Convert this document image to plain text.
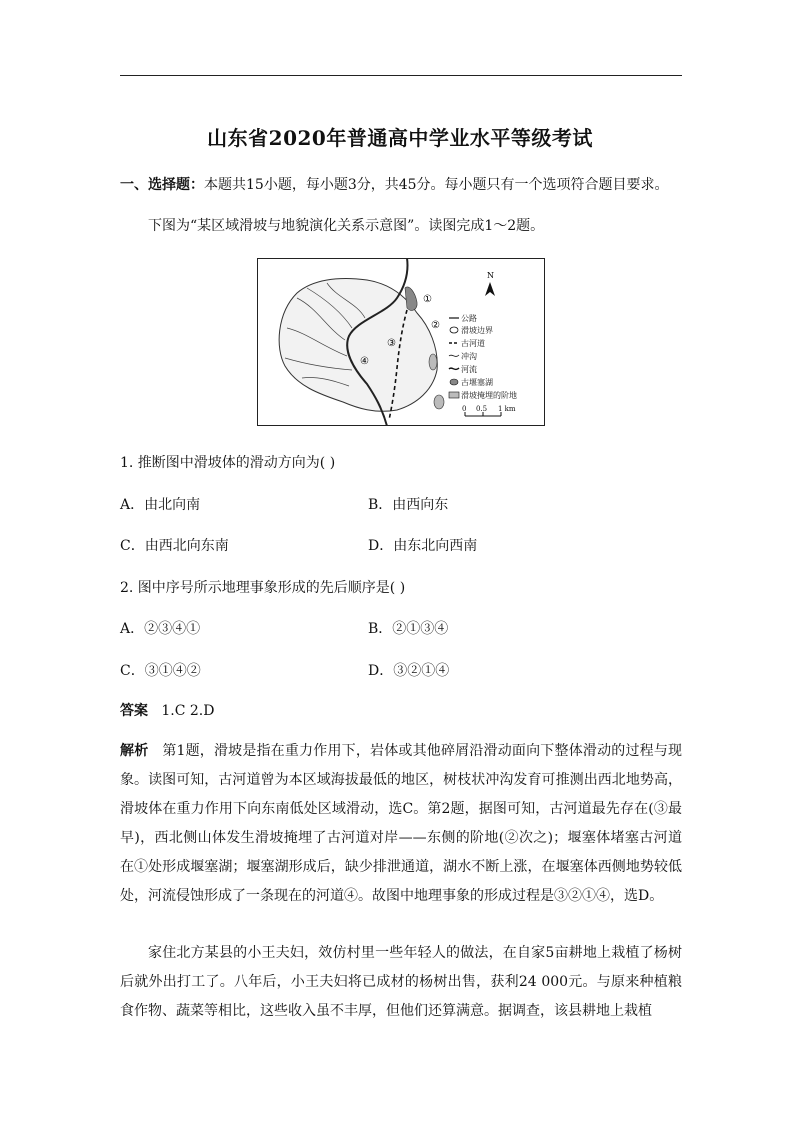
山东省2020年普通高中学业水平等级考试
一、选择题：本题共15小题，每小题3分，共45分。每小题只有一个选项符合题目要求。
下图为“某区域滑坡与地貌演化关系示意图”。读图完成1～2题。
①
②
③
④
N
公路
滑坡边界
古河道
冲沟
河流
古堰塞湖
滑坡掩埋的阶地
0 0.5 1 km
1. 推断图中滑坡体的滑动方向为( )
A．由北向南	B．由西向东
C．由西北向东南	D．由东北向西南
2. 图中序号所示地理事象形成的先后顺序是( )
A．②③④①	B．②①③④
C．③①④②	D．③②①④
答案 1.C 2.D
解析 第1题，滑坡是指在重力作用下，岩体或其他碎屑沿滑动面向下整体滑动的过程与现象。读图可知，古河道曾为本区域海拔最低的地区，树枝状冲沟发育可推测出西北地势高，滑坡体在重力作用下向东南低处区域滑动，选C。第2题，据图可知，古河道最先存在(③最早)，西北侧山体发生滑坡掩埋了古河道对岸——东侧的阶地(②次之)；堰塞体堵塞古河道在①处形成堰塞湖；堰塞湖形成后，缺少排泄通道，湖水不断上涨，在堰塞体西侧地势较低处，河流侵蚀形成了一条现在的河道④。故图中地理事象的形成过程是③②①④，选D。
家住北方某县的小王夫妇，效仿村里一些年轻人的做法，在自家5亩耕地上栽植了杨树后就外出打工了。八年后，小王夫妇将已成材的杨树出售，获利24 000元。与原来种植粮食作物、蔬菜等相比，这些收入虽不丰厚，但他们还算满意。据调查，该县耕地上栽植
